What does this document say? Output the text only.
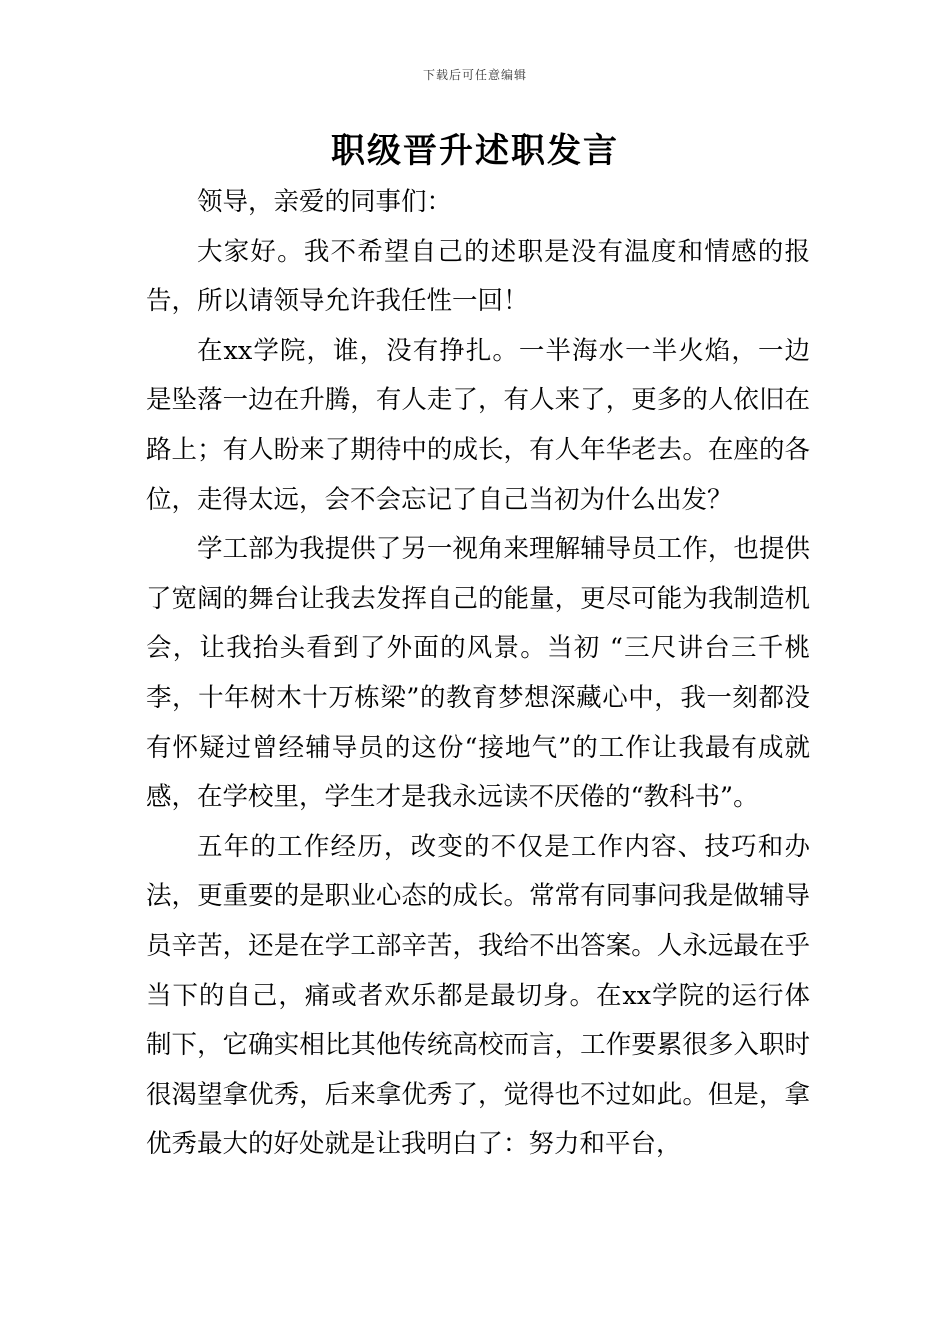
下载后可任意编辑
职级晋升述职发言

领导，亲爱的同事们：

大家好。我不希望自己的述职是没有温度和情感的报告，所以请领导允许我任性一回！

在xx学院，谁，没有挣扎。一半海水一半火焰，一边是坠落一边在升腾，有人走了，有人来了，更多的人依旧在路上；有人盼来了期待中的成长，有人年华老去。在座的各位，走得太远，会不会忘记了自己当初为什么出发？

学工部为我提供了另一视角来理解辅导员工作，也提供了宽阔的舞台让我去发挥自己的能量，更尽可能为我制造机会，让我抬头看到了外面的风景。当初 “三尺讲台三千桃李，十年树木十万栋梁”的教育梦想深藏心中，我一刻都没有怀疑过曾经辅导员的这份“接地气”的工作让我最有成就感，在学校里，学生才是我永远读不厌倦的“教科书”。

五年的工作经历，改变的不仅是工作内容、技巧和办法，更重要的是职业心态的成长。常常有同事问我是做辅导员辛苦，还是在学工部辛苦，我给不出答案。人永远最在乎当下的自己，痛或者欢乐都是最切身。在xx学院的运行体制下，它确实相比其他传统高校而言，工作要累很多入职时很渴望拿优秀，后来拿优秀了，觉得也不过如此。但是，拿优秀最大的好处就是让我明白了：努力和平台，
